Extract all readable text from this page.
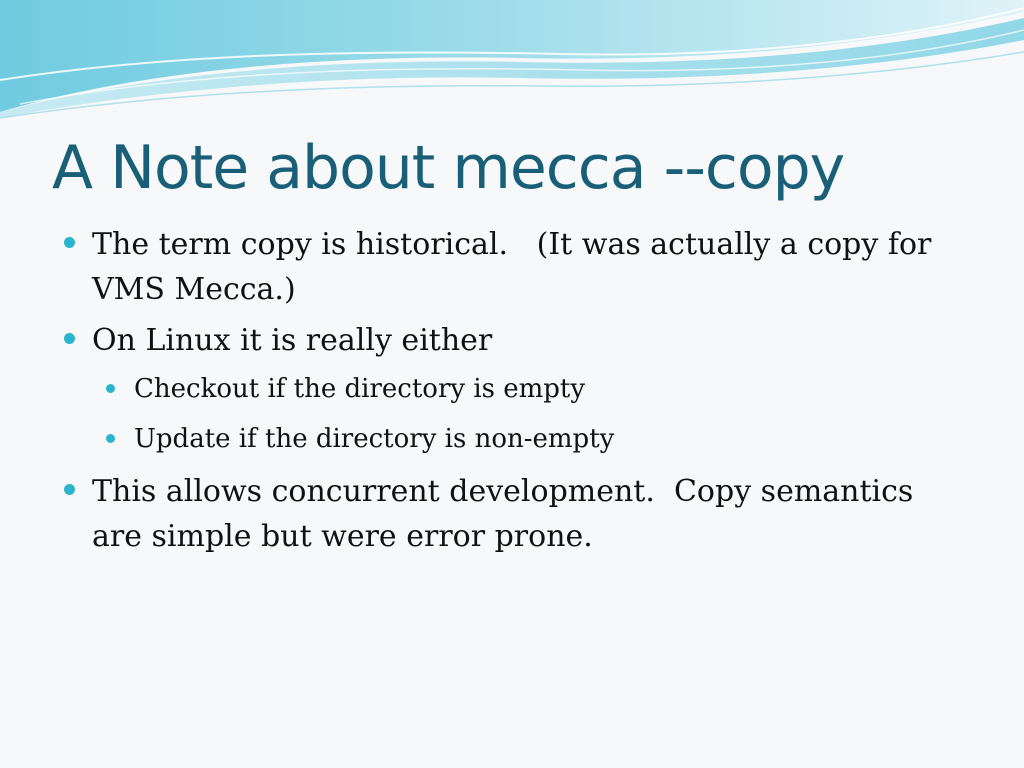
A Note about mecca --copy
The term copy is historical.   (It was actually a copy for
VMS Mecca.)
On Linux it is really either
Checkout if the directory is empty
Update if the directory is non-empty
This allows concurrent development.  Copy semantics
are simple but were error prone.
